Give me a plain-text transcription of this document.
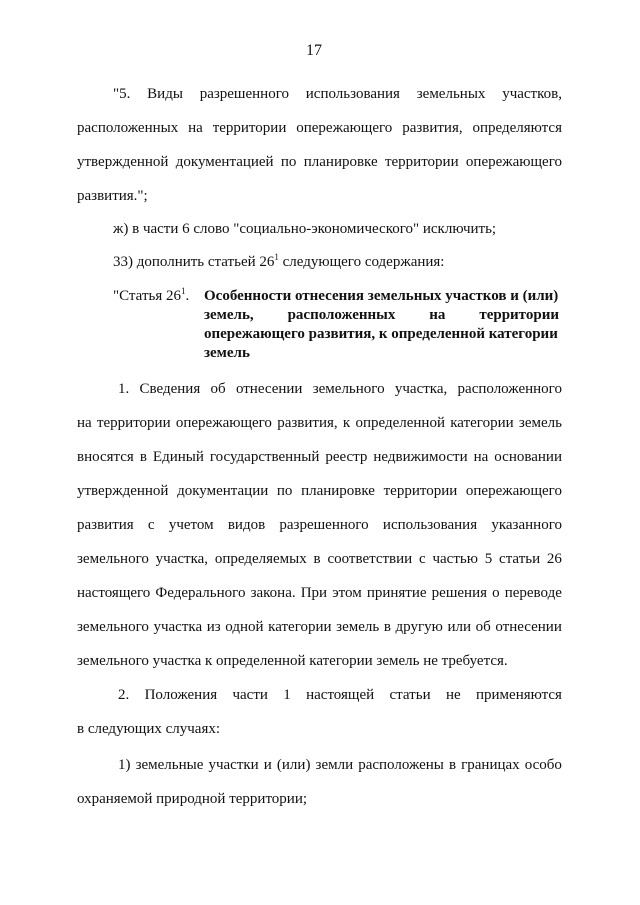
17
"5. Виды разрешенного использования земельных участков,
расположенных на территории опережающего развития, определяются
утвержденной документацией по планировке территории опережающего
развития.";
ж) в части 6 слово "социально-экономического" исключить;
33) дополнить статьей $26^1$ следующего содержания:
"Статья $26^1$. Особенности отнесения земельных участков и (или)
земель, расположенных на территории
опережающего развития, к определенной категории
земель
1. Сведения об отнесении земельного участка, расположенного
на территории опережающего развития, к определенной категории земель
вносятся в Единый государственный реестр недвижимости на основании
утвержденной документации по планировке территории опережающего
развития с учетом видов разрешенного использования указанного
земельного участка, определяемых в соответствии с частью 5 статьи 26
настоящего Федерального закона. При этом принятие решения о переводе
земельного участка из одной категории земель в другую или об отнесении
земельного участка к определенной категории земель не требуется.
2. Положения части 1 настоящей статьи не применяются
в следующих случаях:
1) земельные участки и (или) земли расположены в границах особо
охраняемой природной территории;
